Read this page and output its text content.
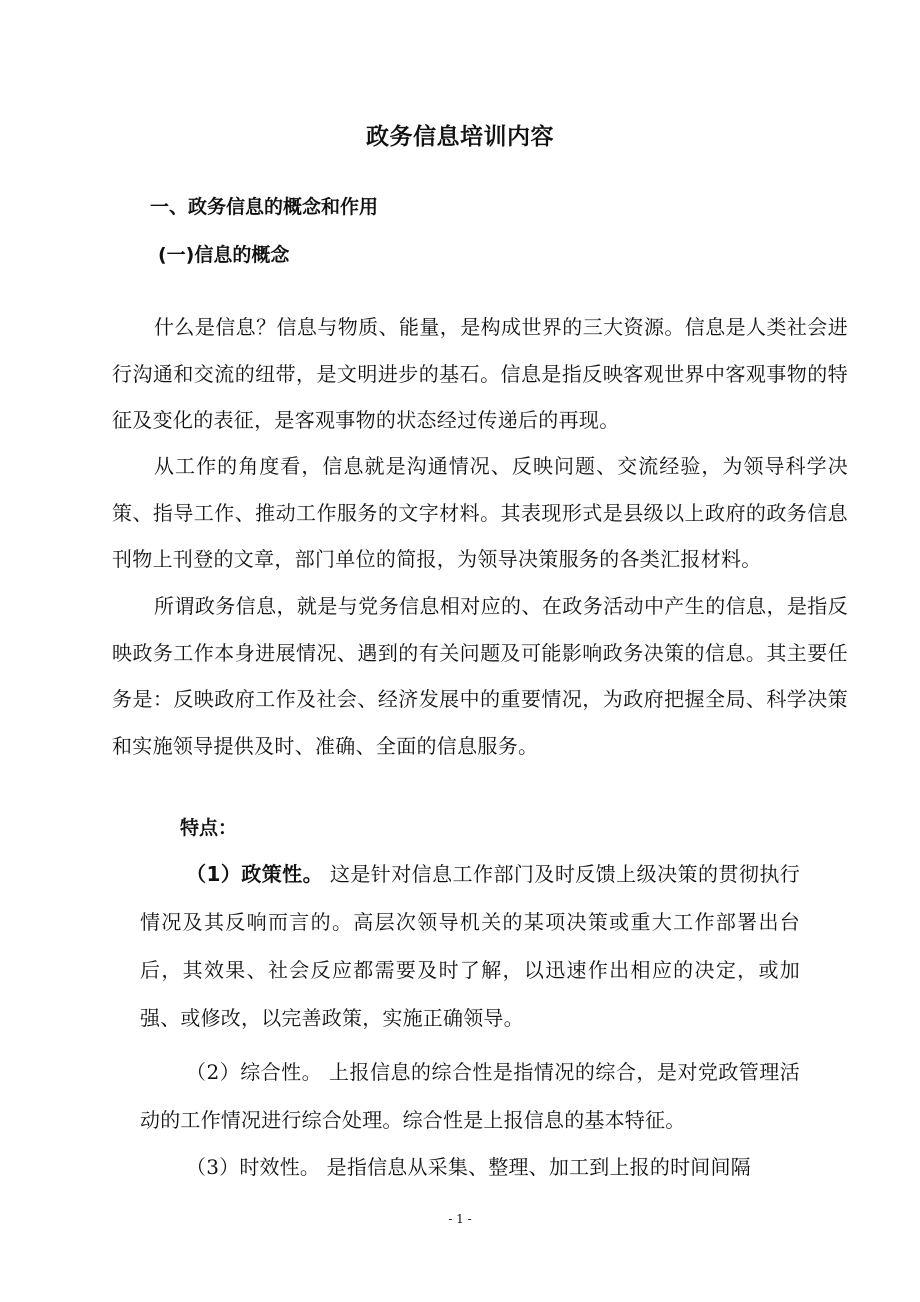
政务信息培训内容
一、政务信息的概念和作用
(一)信息的概念
什么是信息？信息与物质、能量，是构成世界的三大资源。信息是人类社会进行沟通和交流的纽带，是文明进步的基石。信息是指反映客观世界中客观事物的特征及变化的表征，是客观事物的状态经过传递后的再现。
从工作的角度看，信息就是沟通情况、反映问题、交流经验，为领导科学决策、指导工作、推动工作服务的文字材料。其表现形式是县级以上政府的政务信息刊物上刊登的文章，部门单位的简报，为领导决策服务的各类汇报材料。
所谓政务信息，就是与党务信息相对应的、在政务活动中产生的信息，是指反映政务工作本身进展情况、遇到的有关问题及可能影响政务决策的信息。其主要任务是：反映政府工作及社会、经济发展中的重要情况，为政府把握全局、科学决策和实施领导提供及时、准确、全面的信息服务。
特点：
（1）政策性。 这是针对信息工作部门及时反馈上级决策的贯彻执行情况及其反响而言的。高层次领导机关的某项决策或重大工作部署出台后，其效果、社会反应都需要及时了解，以迅速作出相应的决定，或加强、或修改，以完善政策，实施正确领导。
（2）综合性。 上报信息的综合性是指情况的综合，是对党政管理活动的工作情况进行综合处理。综合性是上报信息的基本特征。
（3）时效性。 是指信息从采集、整理、加工到上报的时间间隔
- 1 -
